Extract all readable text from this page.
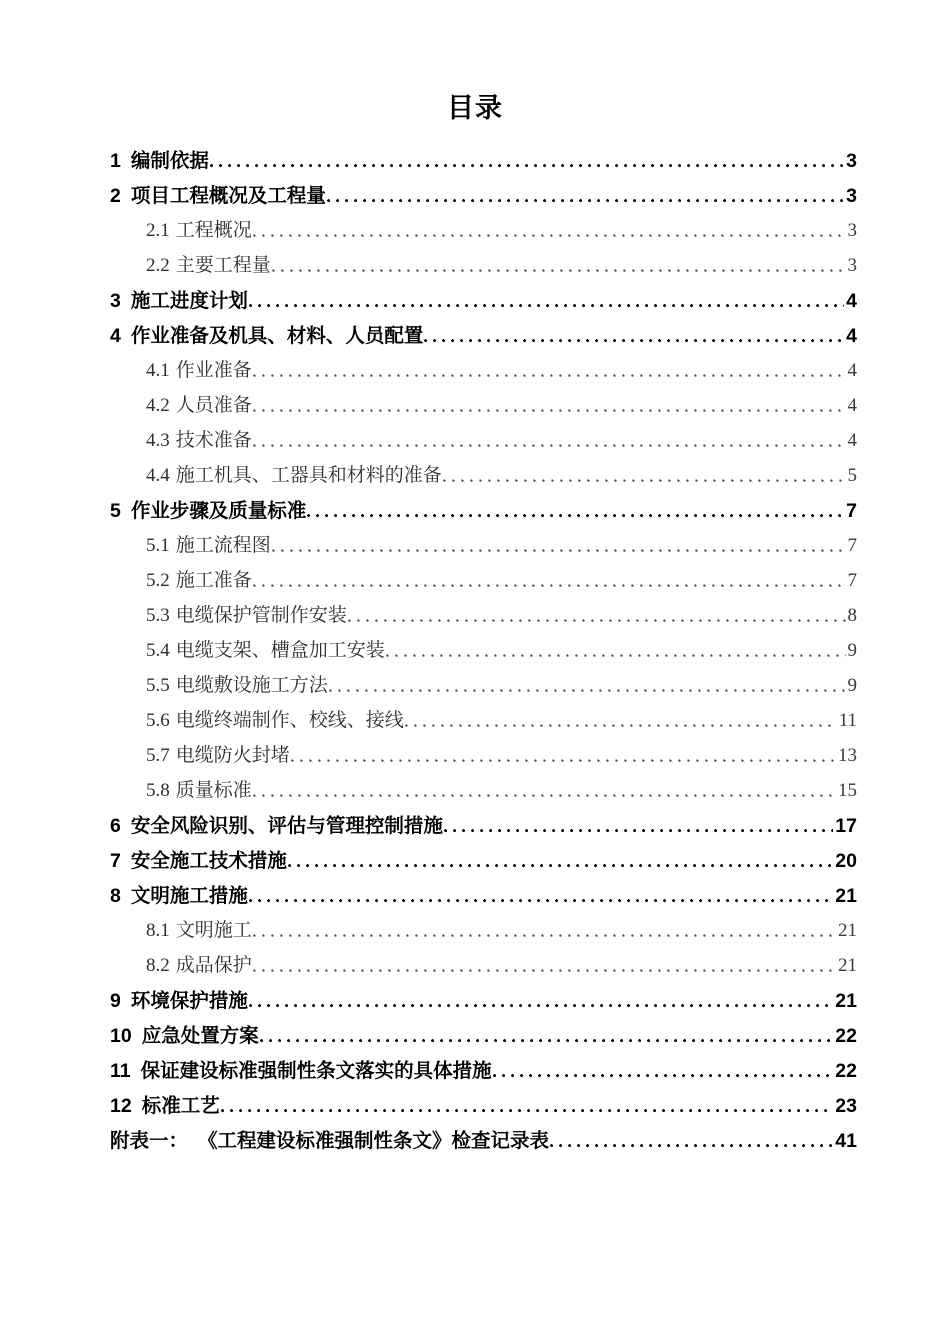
目录
1 编制依据	3
2 项目工程概况及工程量	3
2.1 工程概况	3
2.2 主要工程量	3
3 施工进度计划	4
4 作业准备及机具、材料、人员配置	4
4.1 作业准备	4
4.2 人员准备	4
4.3 技术准备	4
4.4 施工机具、工器具和材料的准备	5
5 作业步骤及质量标准	7
5.1 施工流程图	7
5.2 施工准备	7
5.3 电缆保护管制作安装	8
5.4 电缆支架、槽盒加工安装	9
5.5 电缆敷设施工方法	9
5.6 电缆终端制作、校线、接线	11
5.7 电缆防火封堵	13
5.8 质量标准	15
6 安全风险识别、评估与管理控制措施	17
7 安全施工技术措施	20
8 文明施工措施	21
8.1 文明施工	21
8.2 成品保护	21
9 环境保护措施	21
10 应急处置方案	22
11 保证建设标准强制性条文落实的具体措施	22
12 标准工艺	23
附表一： 《工程建设标准强制性条文》检查记录表	41
